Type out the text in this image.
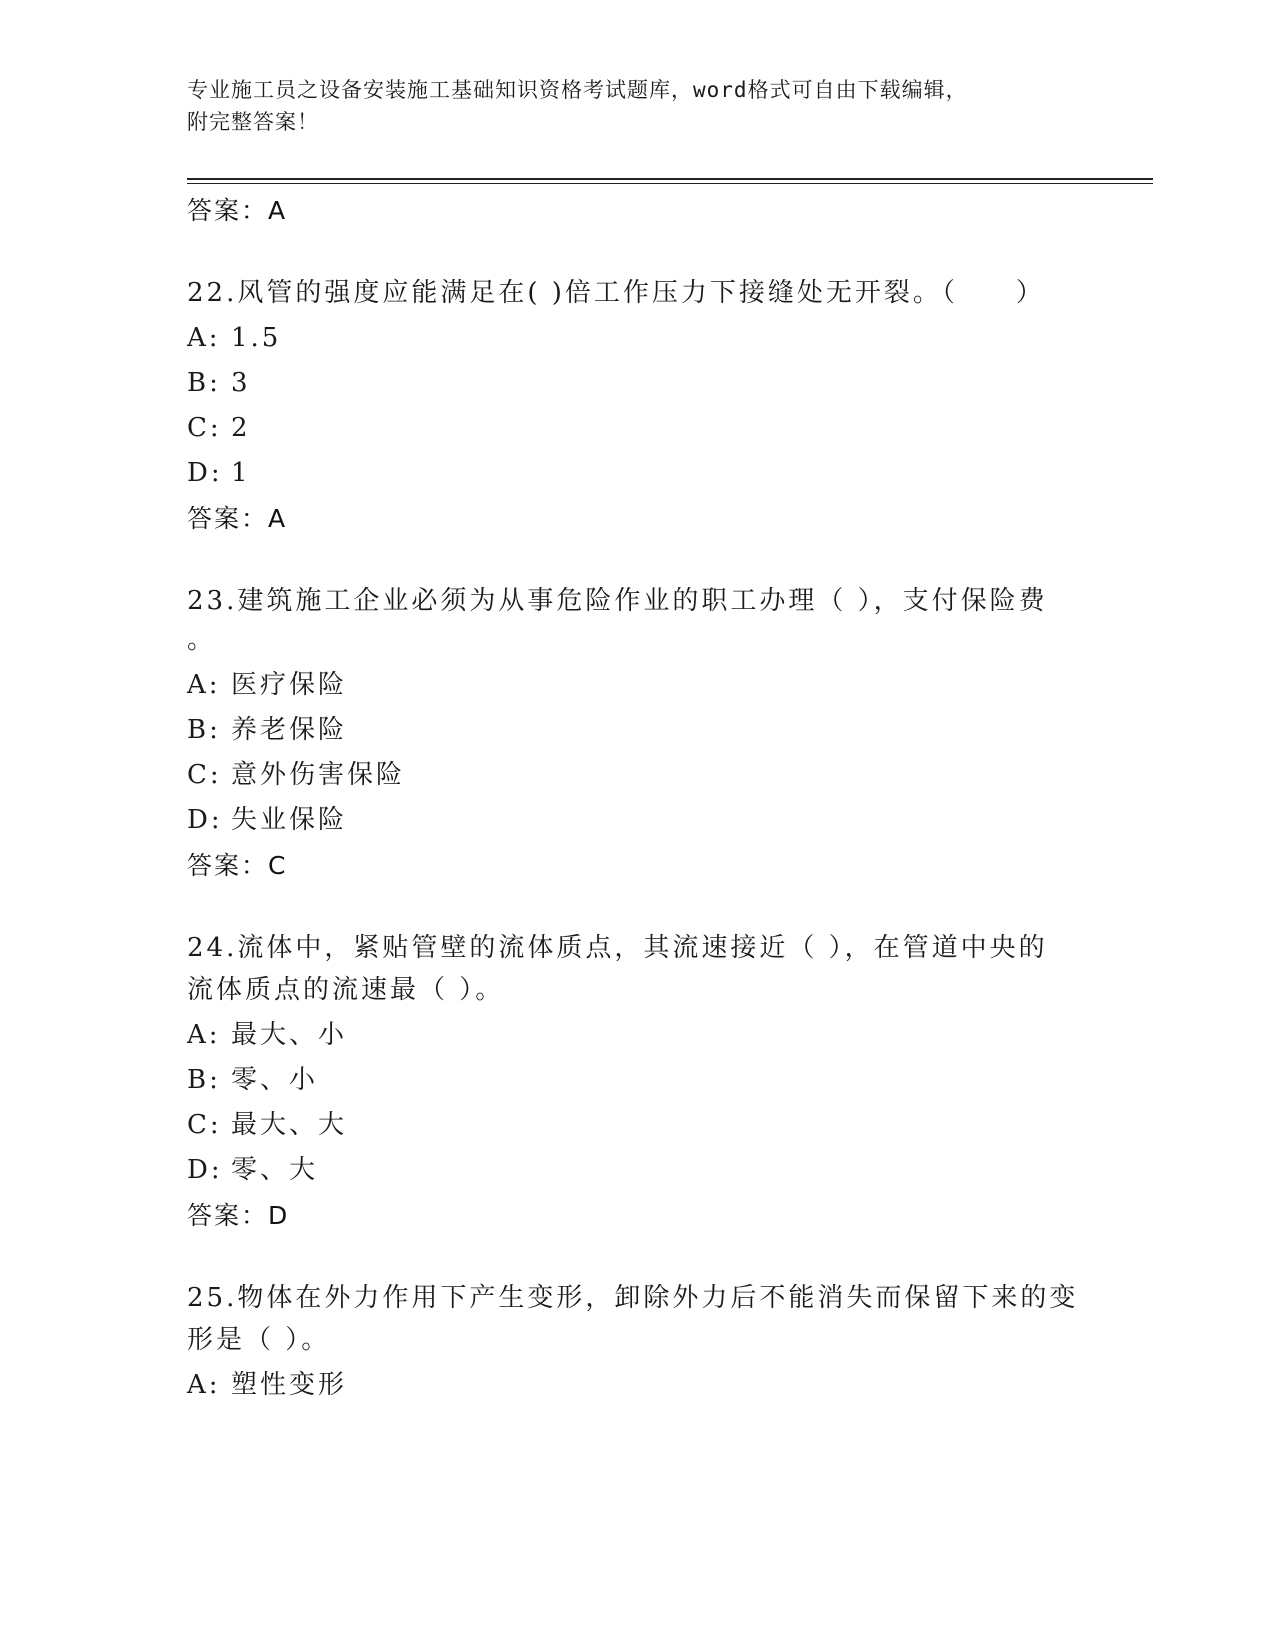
专业施工员之设备安装施工基础知识资格考试题库，word格式可自由下载编辑，
附完整答案！
答案：A
22.风管的强度应能满足在( )倍工作压力下接缝处无开裂。（　　）
A: 1.5
B: 3
C: 2
D: 1
答案：A
23.建筑施工企业必须为从事危险作业的职工办理（ ），支付保险费
。
A: 医疗保险
B: 养老保险
C: 意外伤害保险
D: 失业保险
答案：C
24.流体中，紧贴管壁的流体质点，其流速接近（ ），在管道中央的
流体质点的流速最（ ）。
A: 最大、小
B: 零、小
C: 最大、大
D: 零、大
答案：D
25.物体在外力作用下产生变形，卸除外力后不能消失而保留下来的变
形是（ ）。
A: 塑性变形
